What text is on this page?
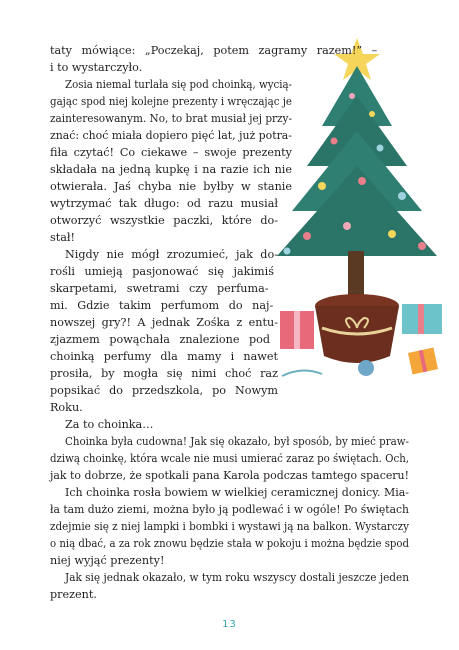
taty mówiące: „Poczekaj, potem zagramy razem!” –
i to wystarczyło.
Zosia niemal turlała się pod choinką, wycią-
gając spod niej kolejne prezenty i wręczając je
zainteresowanym. No, to brat musiał jej przy-
znać: choć miała dopiero pięć lat, już potra-
fiła czytać! Co ciekawe – swoje prezenty
składała na jedną kupkę i na razie ich nie
otwierała. Jaś chyba nie byłby w stanie
wytrzymać tak długo: od razu musiał
otworzyć wszystkie paczki, które do-
stał!
Nigdy nie mógł zrozumieć, jak do-
rośli umieją pasjonować się jakimiś
skarpetami, swetrami czy perfuma-
mi. Gdzie takim perfumom do naj-
nowszej gry?! A jednak Zośka z entu-
zjazmem powąchała znalezione pod
choinką perfumy dla mamy i nawet
prosiła, by mogła się nimi choć raz
popsikać do przedszkola, po Nowym
Roku.
Za to choinka…
Choinka była cudowna! Jak się okazało, był sposób, by mieć praw-
dziwą choinkę, która wcale nie musi umierać zaraz po świętach. Och,
jak to dobrze, że spotkali pana Karola podczas tamtego spaceru!
Ich choinka rosła bowiem w wielkiej ceramicznej donicy. Mia-
ła tam dużo ziemi, można było ją podlewać i w ogóle! Po świętach
zdejmie się z niej lampki i bombki i wystawi ją na balkon. Wystarczy
o nią dbać, a za rok znowu będzie stała w pokoju i można będzie spod
niej wyjąć prezenty!
Jak się jednak okazało, w tym roku wszyscy dostali jeszcze jeden
prezent.
13
